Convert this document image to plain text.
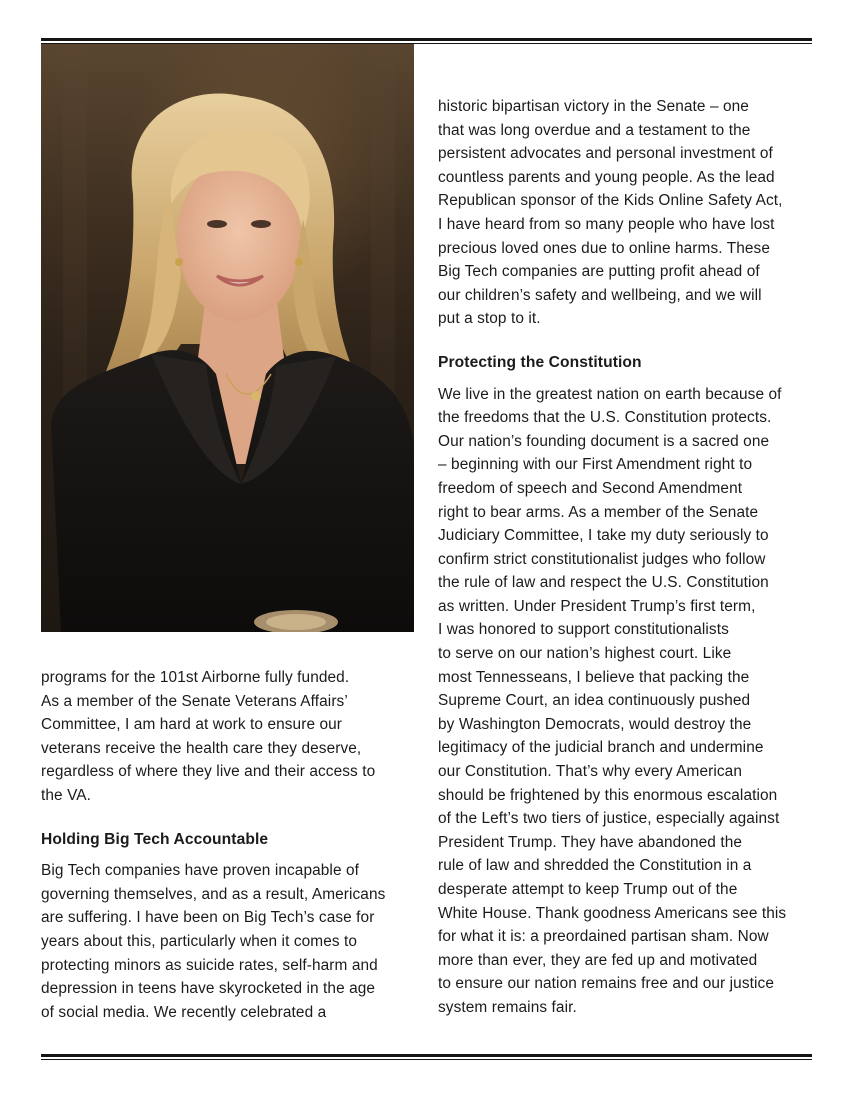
programs for the 101st Airborne fully funded.
As a member of the Senate Veterans Affairs’
Committee, I am hard at work to ensure our
veterans receive the health care they deserve,
regardless of where they live and their access to
the VA.

Holding Big Tech Accountable

Big Tech companies have proven incapable of
governing themselves, and as a result, Americans
are suffering. I have been on Big Tech’s case for
years about this, particularly when it comes to
protecting minors as suicide rates, self-harm and
depression in teens have skyrocketed in the age
of social media. We recently celebrated a

historic bipartisan victory in the Senate – one
that was long overdue and a testament to the
persistent advocates and personal investment of
countless parents and young people. As the lead
Republican sponsor of the Kids Online Safety Act,
I have heard from so many people who have lost
precious loved ones due to online harms. These
Big Tech companies are putting profit ahead of
our children’s safety and wellbeing, and we will
put a stop to it.

Protecting the Constitution

We live in the greatest nation on earth because of
the freedoms that the U.S. Constitution protects.
Our nation’s founding document is a sacred one
– beginning with our First Amendment right to
freedom of speech and Second Amendment
right to bear arms. As a member of the Senate
Judiciary Committee, I take my duty seriously to
confirm strict constitutionalist judges who follow
the rule of law and respect the U.S. Constitution
as written. Under President Trump’s first term,
I was honored to support constitutionalists
to serve on our nation’s highest court. Like
most Tennesseans, I believe that packing the
Supreme Court, an idea continuously pushed
by Washington Democrats, would destroy the
legitimacy of the judicial branch and undermine
our Constitution. That’s why every American
should be frightened by this enormous escalation
of the Left’s two tiers of justice, especially against
President Trump. They have abandoned the
rule of law and shredded the Constitution in a
desperate attempt to keep Trump out of the
White House. Thank goodness Americans see this
for what it is: a preordained partisan sham. Now
more than ever, they are fed up and motivated
to ensure our nation remains free and our justice
system remains fair.
